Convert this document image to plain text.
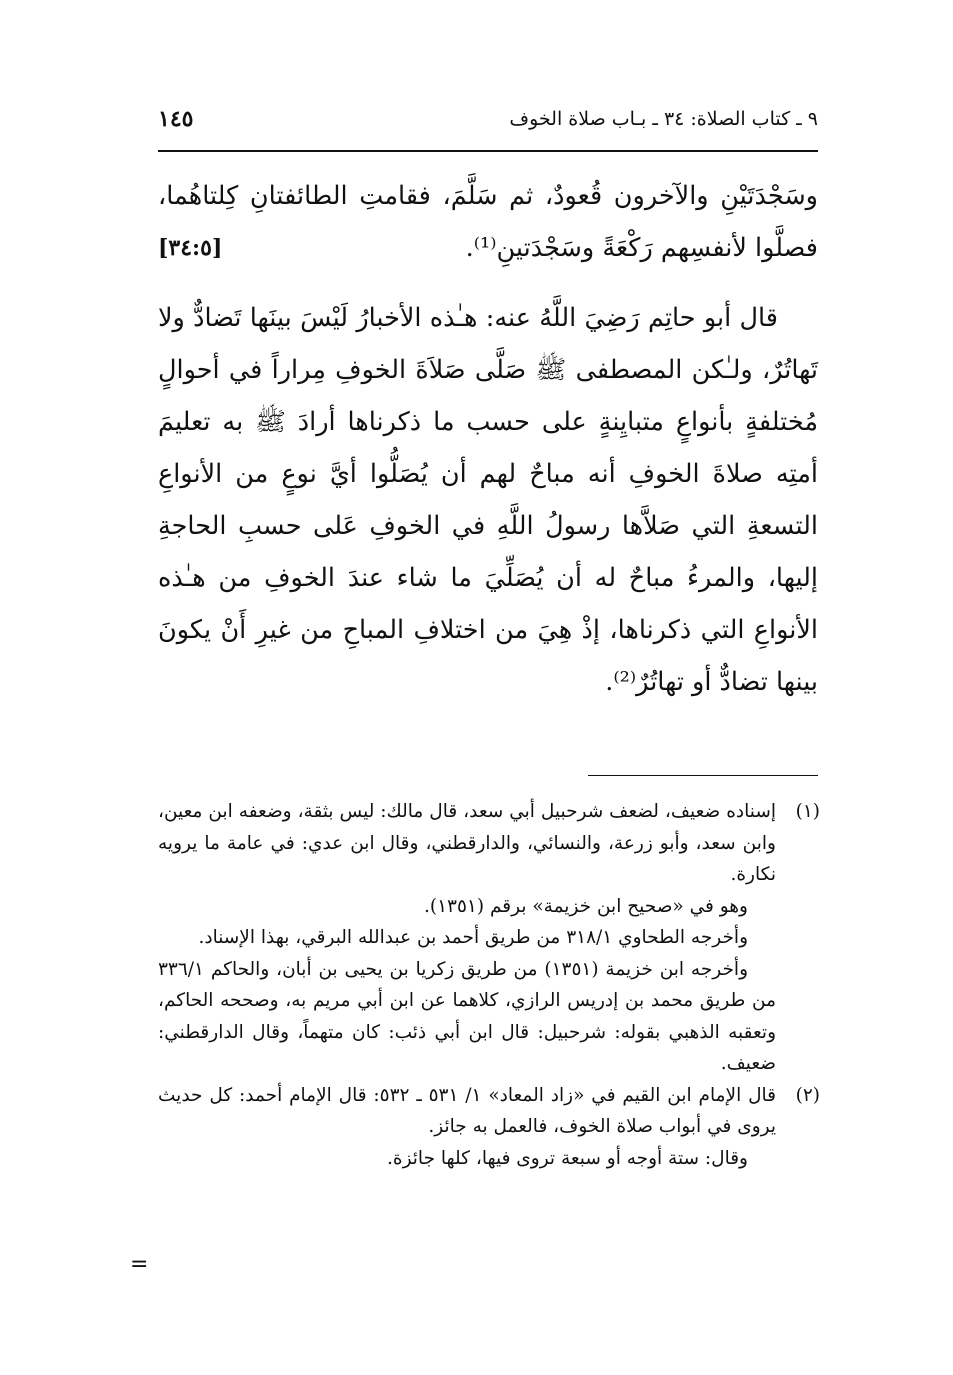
٩ ـ كتاب الصلاة: ٣٤ ـ بـاب صلاة الخوف
١٤٥

وسَجْدَتَيْنِ والآخرون قُعودٌ، ثم سَلَّمَ، فقامتِ الطائفتانِ كِلتاهُما، فصلَّوا لأنفسِهم رَكْعَةً وسَجْدَتينِ⁽¹⁾.
[٣٤:٥]

قال أبو حاتِم رَضِيَ اللَّهُ عنه: هـٰذه الأخبارُ لَيْسَ بينَها تَضادٌّ ولا تَهاتُرٌ، ولـٰكن المصطفى ﷺ صَلَّى صَلاَةَ الخوفِ مِراراً في أحوالٍ مُختلفةٍ بأنواعٍ متبايِنةٍ على حسب ما ذكرناها أرادَ ﷺ به تعليمَ أمتِه صلاةَ الخوفِ أنه مباحٌ لهم أن يُصَلُّوا أيَّ نوعٍ من الأنواعِ التسعةِ التي صَلاَّها رسولُ اللَّهِ في الخوفِ عَلى حسبِ الحاجةِ إليها، والمرءُ مباحٌ له أن يُصَلِّيَ ما شاء عندَ الخوفِ من هـٰذه الأنواعِ التي ذكرناها، إذْ هِيَ من اختلافِ المباحِ من غيرِ أَنْ يكونَ بينها تضادٌّ أو تهاتُرٌ⁽²⁾.

(١)

إسناده ضعيف، لضعف شرحبيل أبي سعد، قال مالك: ليس بثقة، وضعفه ابن معين، وابن سعد، وأبو زرعة، والنسائي، والدارقطني، وقال ابن عدي: في عامة ما يرويه نكارة.

وهو في «صحيح ابن خزيمة» برقم (١٣٥١).

وأخرجه الطحاوي ٣١٨/١ من طريق أحمد بن عبدالله البرقي، بهذا الإسناد.

وأخرجه ابن خزيمة (١٣٥١) من طريق زكريا بن يحيى بن أبان، والحاكم ٣٣٦/١ من طريق محمد بن إدريس الرازي، كلاهما عن ابن أبي مريم به، وصححه الحاكم، وتعقبه الذهبي بقوله: شرحبيل: قال ابن أبي ذئب: كان متهماً، وقال الدارقطني: ضعيف.

(٢)

قال الإمام ابن القيم في «زاد المعاد» ١/ ٥٣١ ـ ٥٣٢: قال الإمام أحمد: كل حديث يروى في أبواب صلاة الخوف، فالعمل به جائز.

وقال: ستة أوجه أو سبعة تروى فيها، كلها جائزة.

=
